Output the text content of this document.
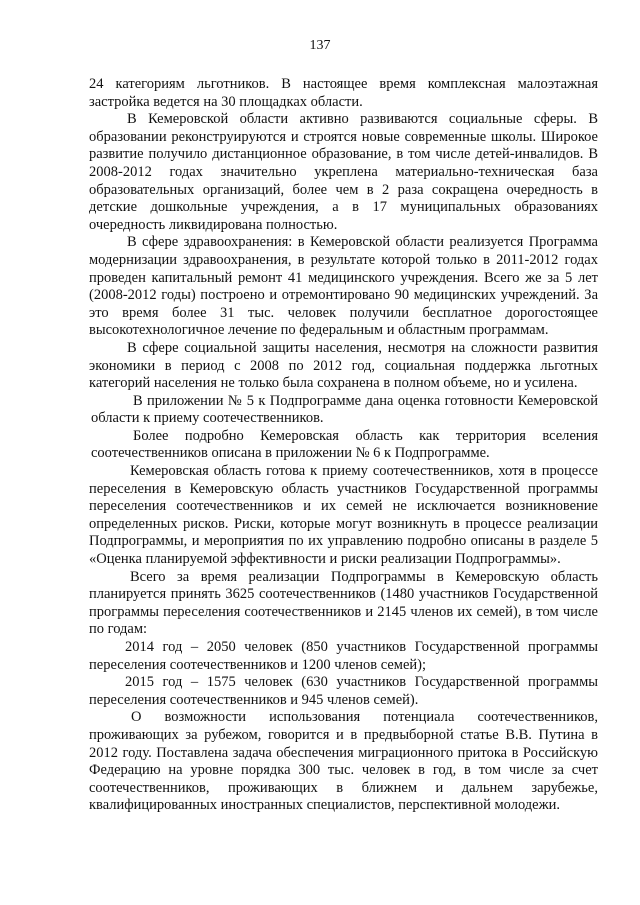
137

24 категориям льготников. В настоящее время комплексная малоэтажная застройка ведется на 30 площадках области.

В Кемеровской области активно развиваются социальные сферы. В образовании реконструируются и строятся новые современные школы. Широкое развитие получило дистанционное образование, в том числе детей-инвалидов. В 2008-2012 годах значительно укреплена материально-техническая база образовательных организаций, более чем в 2 раза сокращена очередность в детские дошкольные учреждения, а в 17 муниципальных образованиях очередность ликвидирована полностью.

В сфере здравоохранения: в Кемеровской области реализуется Программа модернизации здравоохранения, в результате которой только в 2011-2012 годах проведен капитальный ремонт 41 медицинского учреждения. Всего же за 5 лет (2008-2012 годы) построено и отремонтировано 90 медицинских учреждений. За это время более 31 тыс. человек получили бесплатное дорогостоящее высокотехнологичное лечение по федеральным и областным программам.

В сфере социальной защиты населения, несмотря на сложности развития экономики в период с 2008 по 2012 год, социальная поддержка льготных категорий населения не только была сохранена в полном объеме, но и усилена.

В приложении № 5 к Подпрограмме дана оценка готовности Кемеровской области к приему соотечественников.

Более подробно Кемеровская область как территория вселения соотечественников описана в приложении № 6 к Подпрограмме.

Кемеровская область готова к приему соотечественников, хотя в процессе переселения в Кемеровскую область участников Государственной программы переселения соотечественников и их семей не исключается возникновение определенных рисков. Риски, которые могут возникнуть в процессе реализации Подпрограммы, и мероприятия по их управлению подробно описаны в разделе 5 «Оценка планируемой эффективности и риски реализации Подпрограммы».

Всего за время реализации Подпрограммы в Кемеровскую область планируется принять 3625 соотечественников (1480 участников Государственной программы переселения соотечественников и 2145 членов их семей), в том числе по годам:

2014 год – 2050 человек (850 участников Государственной программы переселения соотечественников и 1200 членов семей);

2015 год – 1575 человек (630 участников Государственной программы переселения соотечественников и 945 членов семей).

О возможности использования потенциала соотечественников, проживающих за рубежом, говорится и в предвыборной статье В.В. Путина в 2012 году. Поставлена задача обеспечения миграционного притока в Российскую Федерацию на уровне порядка 300 тыс. человек в год, в том числе за счет соотечественников, проживающих в ближнем и дальнем зарубежье, квалифицированных иностранных специалистов, перспективной молодежи.
